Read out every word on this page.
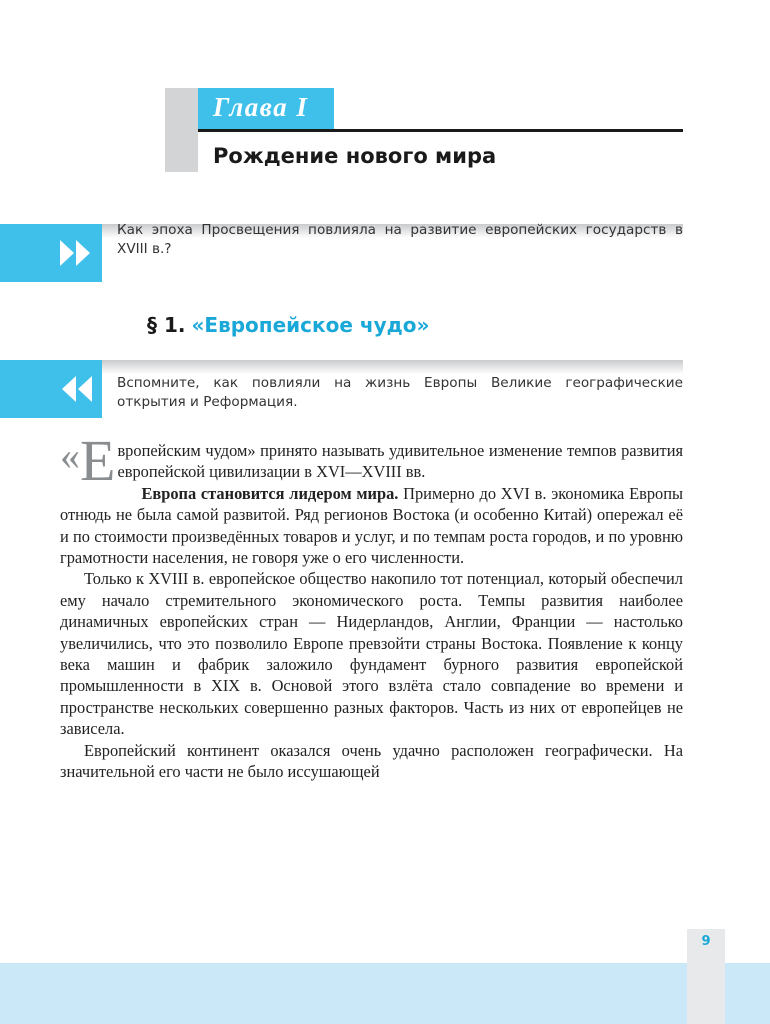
Глава I
Рождение нового мира
Как эпоха Просвещения повлияла на развитие европейских государств в XVIII в.?
§ 1. «Европейское чудо»
Вспомните, как повлияли на жизнь Европы Великие географические открытия и Реформация.

«Е вропейским чудом» принято называть удивительное изменение темпов развития европейской цивилизации в XVI—XVIII вв.

Европа становится лидером мира. Примерно до XVI в. экономика Европы отнюдь не была самой развитой. Ряд регионов Востока (и особенно Китай) опережал её и по стоимости произведённых товаров и услуг, и по темпам роста городов, и по уровню грамотности населения, не говоря уже о его численности.

Только к XVIII в. европейское общество накопило тот потенциал, который обеспечил ему начало стремительного экономического роста. Темпы развития наиболее динамичных европейских стран — Нидерландов, Англии, Франции — настолько увеличились, что это позволило Европе превзойти страны Востока. Появление к концу века машин и фабрик заложило фундамент бурного развития европейской промышленности в XIX в. Основой этого взлёта стало совпадение во времени и пространстве нескольких совершенно разных факторов. Часть из них от европейцев не зависела.

Европейский континент оказался очень удачно расположен географически. На значительной его части не было иссушающей

9
